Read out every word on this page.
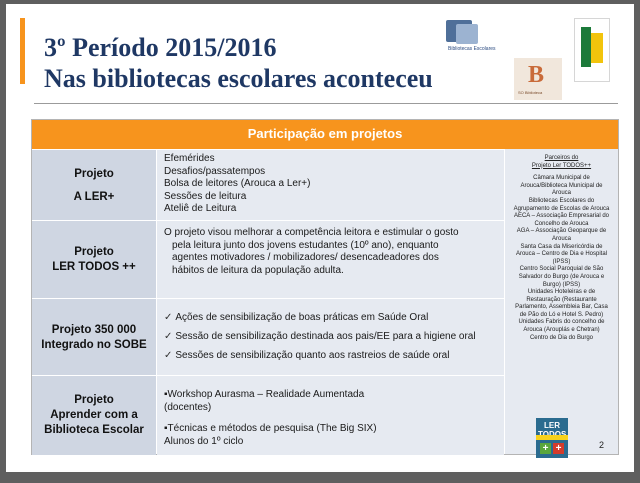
3º Período 2015/2016
Nas bibliotecas escolares aconteceu
Bibliotecas Escolares
B
SO Biblioteca
Participação em projetos
Projeto
A LER+
Efemérides
Desafios/passatempos
Bolsa de leitores (Arouca a Ler+)
Sessões de leitura
Ateliê de Leitura
Projeto
LER TODOS ++
O projeto visou melhorar a competência leitora e estimular o gosto
pela leitura junto dos jovens estudantes (10º ano), enquanto
agentes motivadores / mobilizadores/ desencadeadores dos
hábitos de leitura da população adulta.
Projeto 350 000
Integrado no SOBE
✓ Ações de sensibilização de boas práticas em Saúde Oral
✓ Sessão de sensibilização destinada aos pais/EE para a higiene oral
✓ Sessões de sensibilização quanto aos rastreios de saúde oral
Projeto
Aprender com a
Biblioteca Escolar
▪Workshop Aurasma – Realidade Aumentada
(docentes)
▪Técnicas e métodos de pesquisa (The Big SIX)
Alunos do 1º ciclo
Parceiros do
Projeto Ler TODOS++
Câmara Municipal de
Arouca/Biblioteca Municipal de
Arouca
Bibliotecas Escolares do
Agrupamento de Escolas de Arouca
AECA – Associação Empresarial do
Concelho de Arouca
AGA – Associação Geoparque de
Arouca
Santa Casa da Misericórdia de
Arouca – Centro de Dia e Hospital
(IPSS)
Centro Social Paroquial de São
Salvador do Burgo (de Arouca e
Burgo) (IPSS)
Unidades Hoteleiras e de
Restauração (Restaurante
Parlamento, Assembleia Bar, Casa
de Pão do Ló e Hotel S. Pedro)
Unidades Fabris do concelho de
Arouca (Arouplás e Chetran)
Centro de Dia do Burgo
LER
+ +	2
